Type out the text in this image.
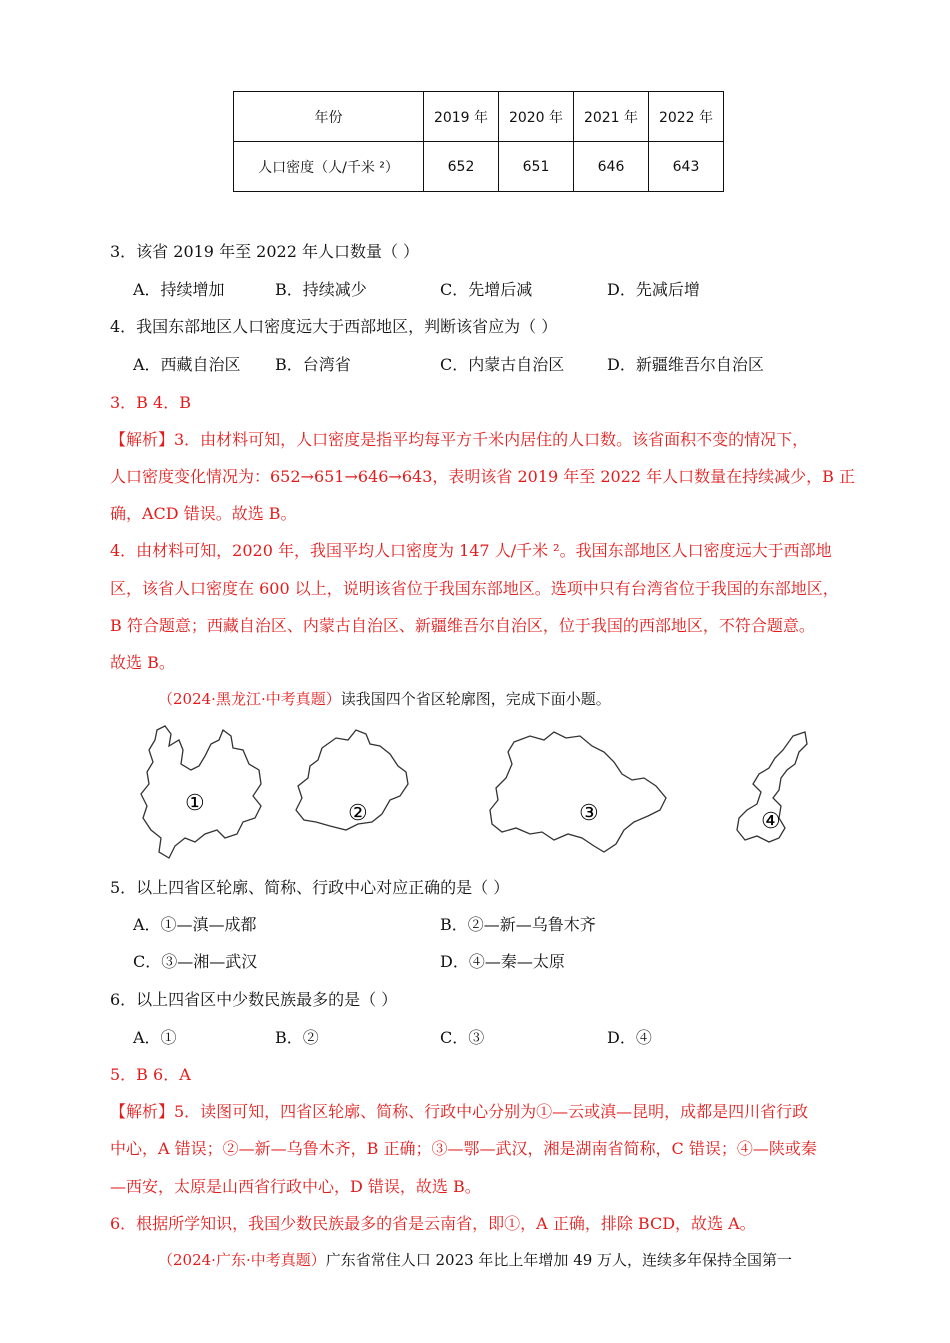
年份	2019 年	2020 年	2021 年	2022 年
人口密度（人/千米 ²）	652	651	646	643
3．该省 2019 年至 2022 年人口数量（ ）
A．持续增加	B．持续减少	C．先增后减	D．先减后增
4．我国东部地区人口密度远大于西部地区，判断该省应为（ ）
A．西藏自治区 B．台湾省	C．内蒙古自治区	D．新疆维吾尔自治区
3．B 4．B
【解析】3．由材料可知，人口密度是指平均每平方千米内居住的人口数。该省面积不变的情况下，
人口密度变化情况为：652→651→646→643，表明该省 2019 年至 2022 年人口数量在持续减少，B 正
确，ACD 错误。故选 B。
4．由材料可知，2020 年，我国平均人口密度为 147 人/千米 ²。我国东部地区人口密度远大于西部地
区，该省人口密度在 600 以上，说明该省位于我国东部地区。选项中只有台湾省位于我国的东部地区，
B 符合题意；西藏自治区、内蒙古自治区、新疆维吾尔自治区，位于我国的西部地区，不符合题意。
故选 B。
（2024·黑龙江·中考真题）读我国四个省区轮廓图，完成下面小题。
①	②	③	④
5．以上四省区轮廓、简称、行政中心对应正确的是（ ）
A．①—滇—成都	B．②—新—乌鲁木齐
C．③—湘—武汉	D．④—秦—太原
6．以上四省区中少数民族最多的是（ ）
A．①	B．②	C．③	D．④
5．B 6．A
【解析】5．读图可知，四省区轮廓、简称、行政中心分别为①—云或滇—昆明，成都是四川省行政
中心，A 错误；②—新—乌鲁木齐，B 正确；③—鄂—武汉，湘是湖南省简称，C 错误；④—陕或秦
—西安，太原是山西省行政中心，D 错误，故选 B。
6．根据所学知识，我国少数民族最多的省是云南省，即①，A 正确，排除 BCD，故选 A。
（2024·广东·中考真题）广东省常住人口 2023 年比上年增加 49 万人，连续多年保持全国第一
